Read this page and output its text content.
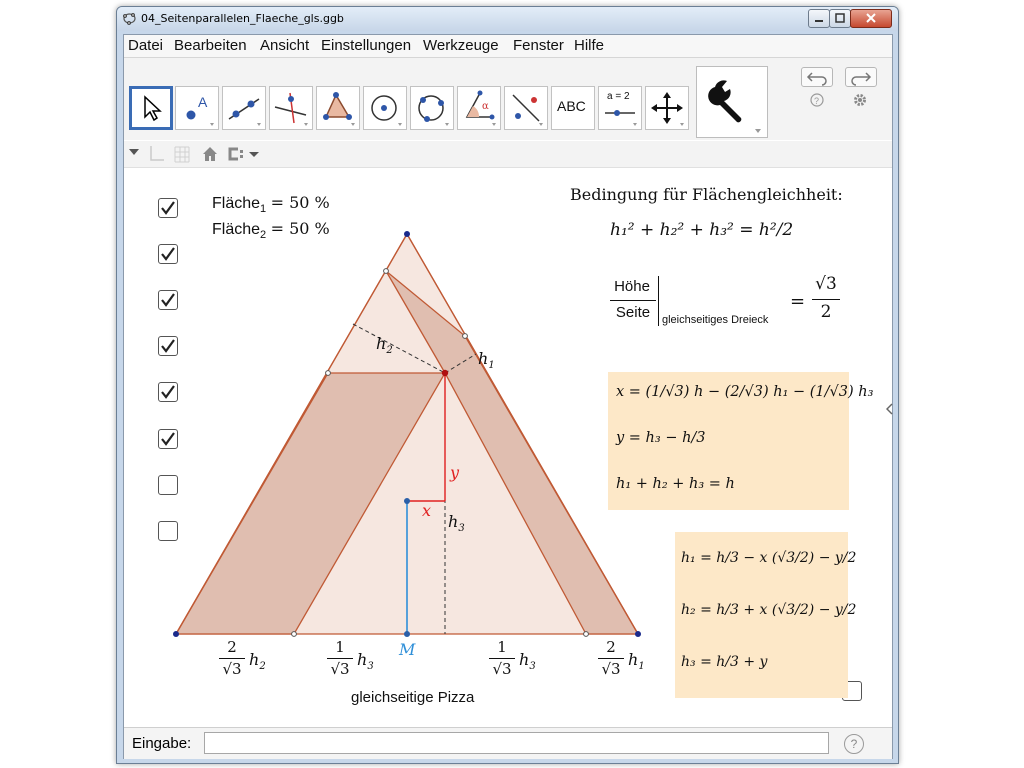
04_Seitenparallelen_Flaeche_gls.ggb
Datei Bearbeiten Ansicht Einstellungen Werkzeuge Fenster Hilfe
A	α	ABC
a = 2	?
Fläche$_1$ = 50 %
Fläche$_2$ = 50 %
Bedingung für Flächengleichheit:
h₁² + h₂² + h₃² = h²/2
Höhe
Seite	gleichseitiges Dreieck
=
√3
2
x = (1/√3) h − (2/√3) h₁ − (1/√3) h₃
y = h₃ − h/3
h₁ + h₂ + h₃ = h
h₁ = h/3 − x (√3/2) − y/2
h₂ = h/3 + x (√3/2) − y/2
h₃ = h/3 + y
$h_2$	$h_1$
y
x
$h_3$
M
2
√3 $h_2$
1
√3 $h_3$
1
√3 $h_3$
2
√3 $h_1$
gleichseitige Pizza
Eingabe:	?
